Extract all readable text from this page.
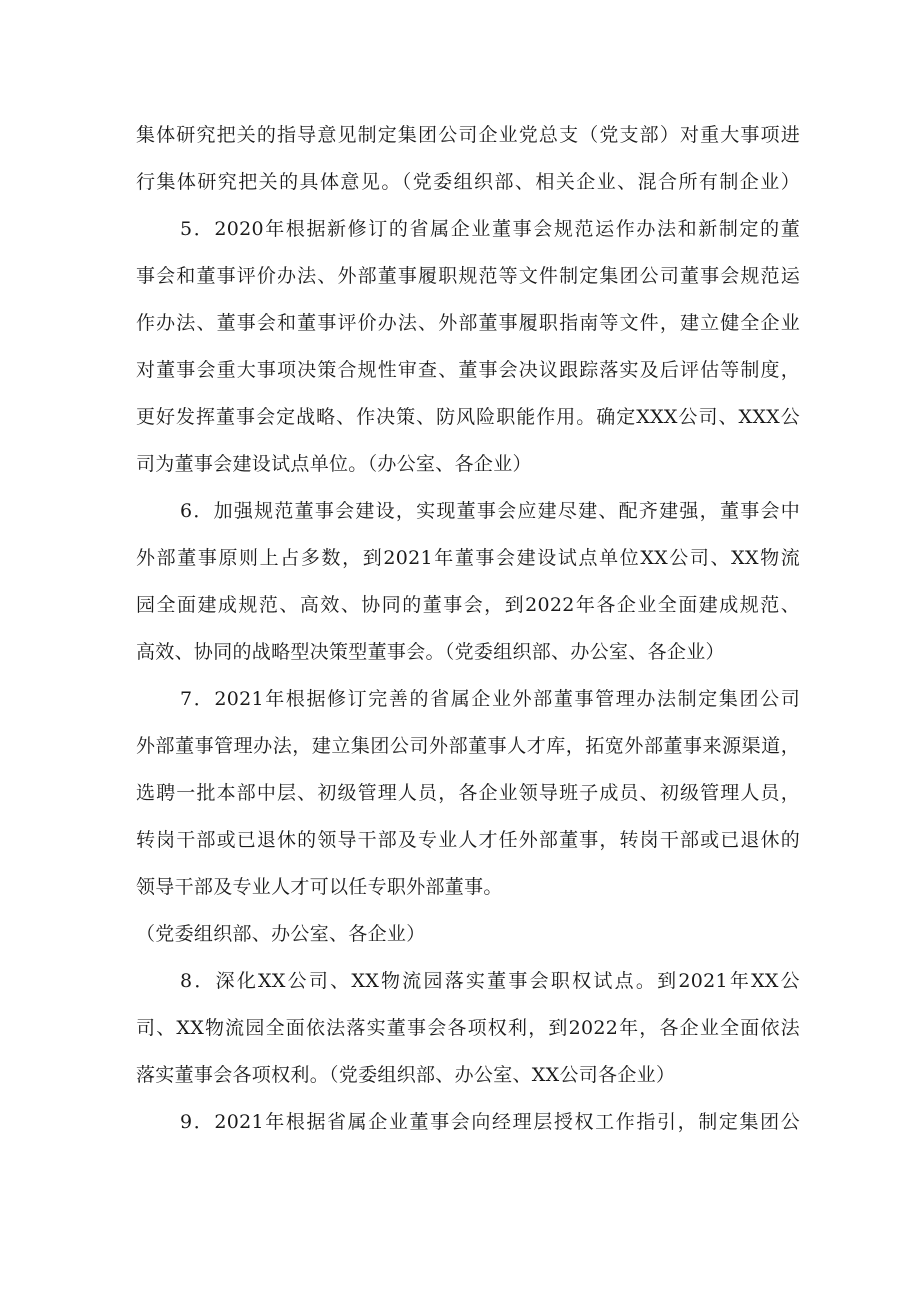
集体研究把关的指导意见制定集团公司企业党总支（党支部）对重大事项进
行集体研究把关的具体意见。（党委组织部、相关企业、混合所有制企业）
5．2020年根据新修订的省属企业董事会规范运作办法和新制定的董
事会和董事评价办法、外部董事履职规范等文件制定集团公司董事会规范运
作办法、董事会和董事评价办法、外部董事履职指南等文件，建立健全企业
对董事会重大事项决策合规性审查、董事会决议跟踪落实及后评估等制度，
更好发挥董事会定战略、作决策、防风险职能作用。确定XXX公司、XXX公
司为董事会建设试点单位。（办公室、各企业）
6．加强规范董事会建设，实现董事会应建尽建、配齐建强，董事会中
外部董事原则上占多数，到2021年董事会建设试点单位XX公司、XX物流
园全面建成规范、高效、协同的董事会，到2022年各企业全面建成规范、
高效、协同的战略型决策型董事会。（党委组织部、办公室、各企业）
7．2021年根据修订完善的省属企业外部董事管理办法制定集团公司
外部董事管理办法，建立集团公司外部董事人才库，拓宽外部董事来源渠道，
选聘一批本部中层、初级管理人员，各企业领导班子成员、初级管理人员，
转岗干部或已退休的领导干部及专业人才任外部董事，转岗干部或已退休的
领导干部及专业人才可以任专职外部董事。
（党委组织部、办公室、各企业）
8．深化XX公司、XX物流园落实董事会职权试点。到2021年XX公
司、XX物流园全面依法落实董事会各项权利，到2022年，各企业全面依法
落实董事会各项权利。（党委组织部、办公室、XX公司各企业）
9．2021年根据省属企业董事会向经理层授权工作指引，制定集团公
